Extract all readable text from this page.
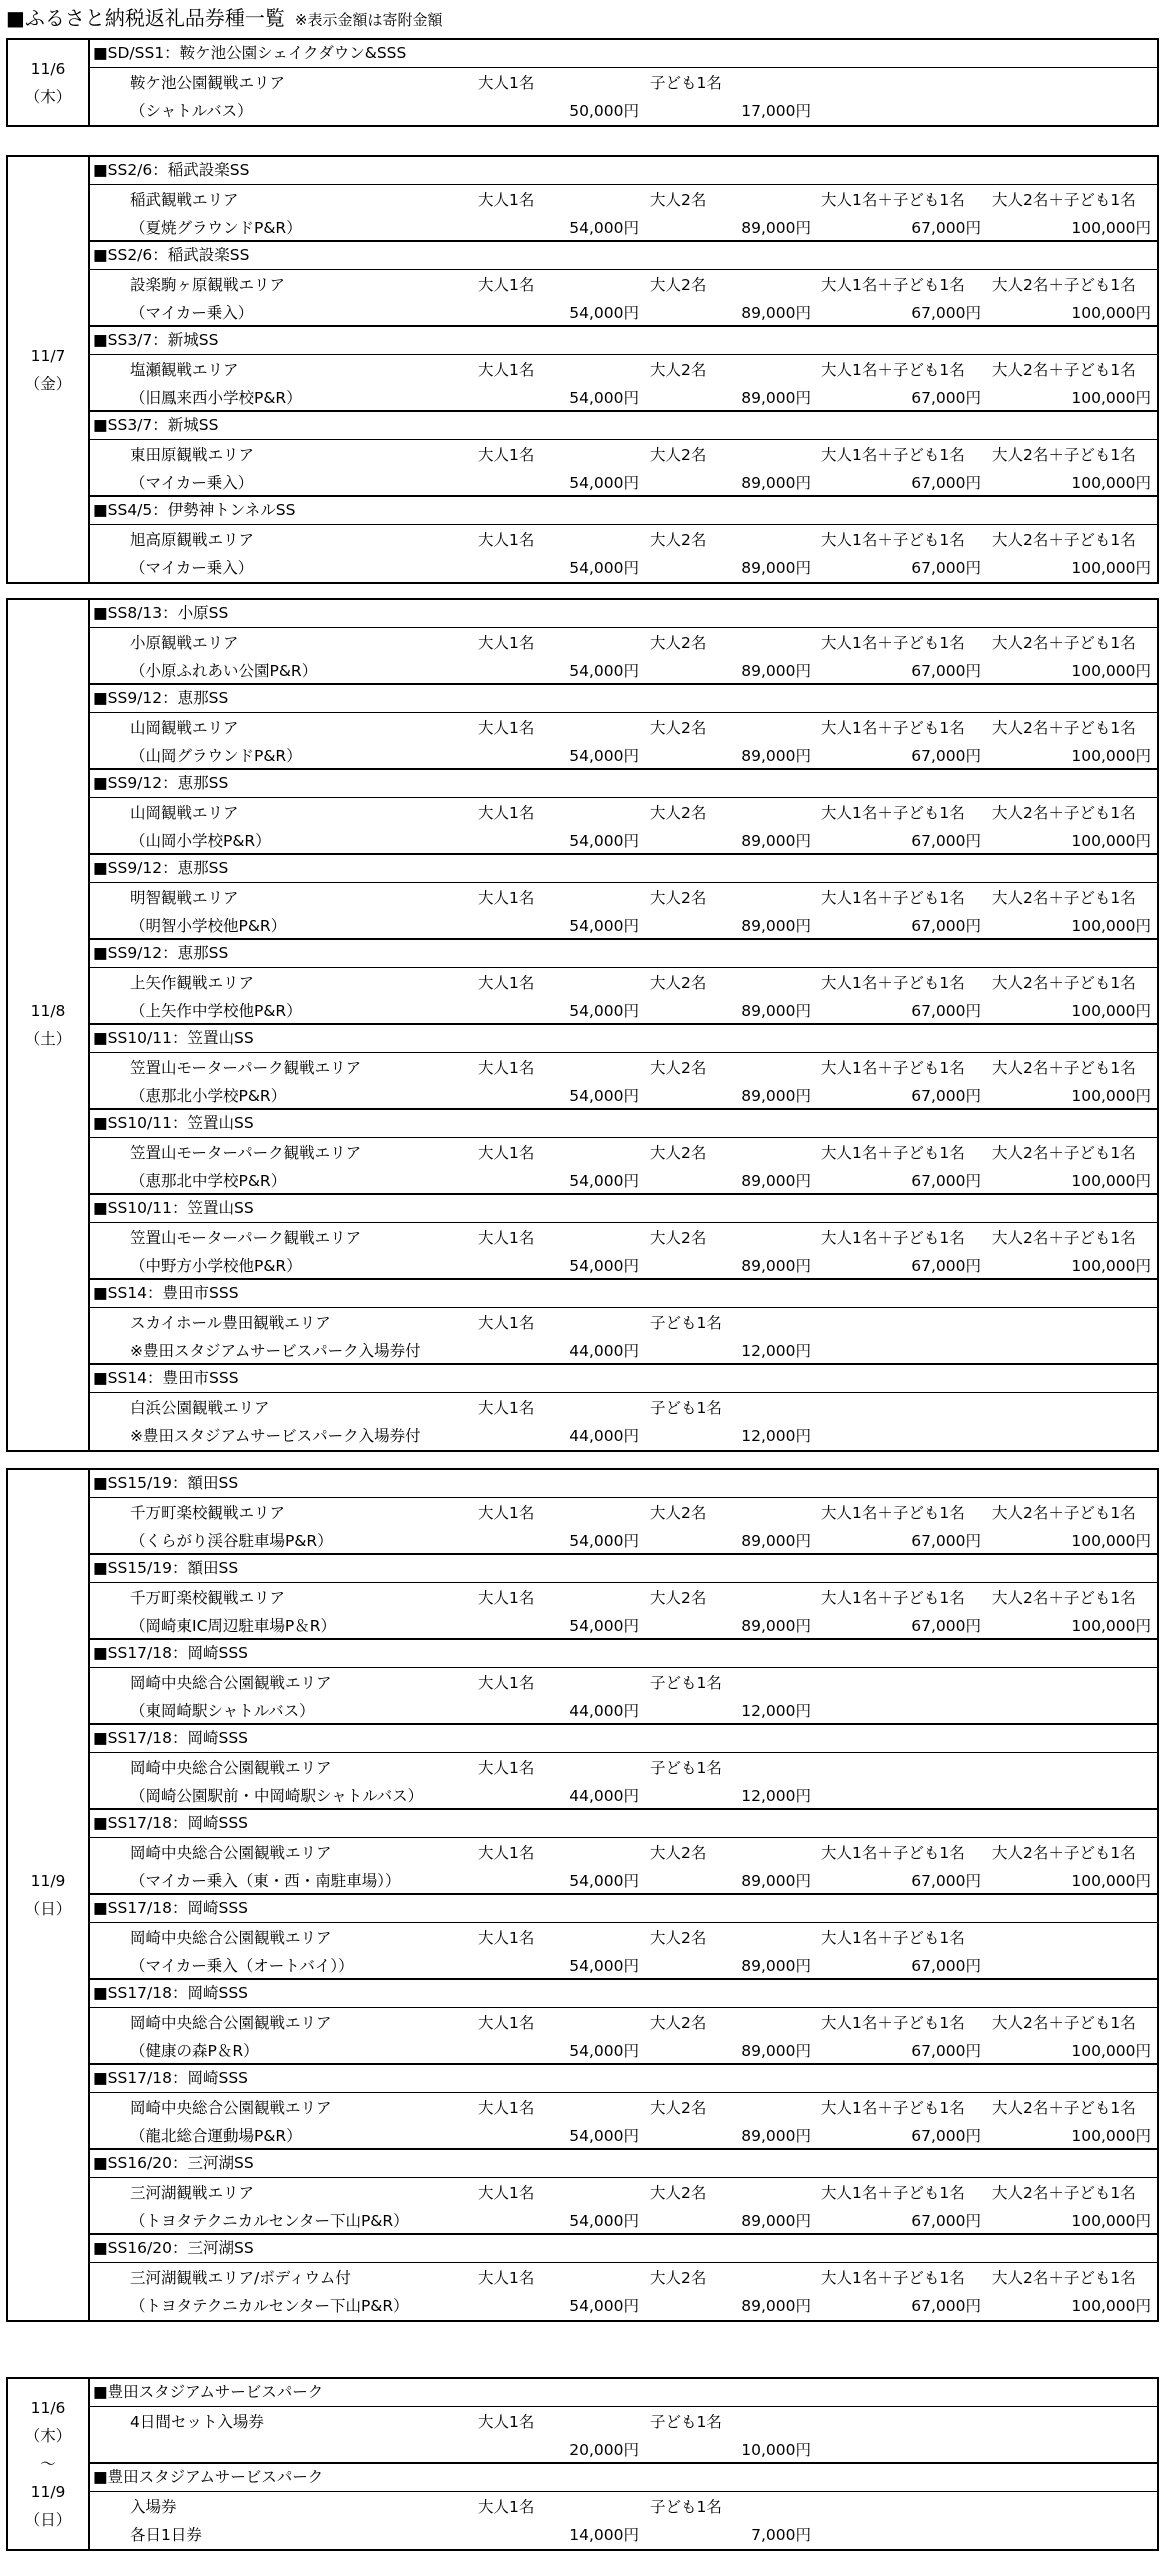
■ふるさと納税返礼品券種一覧 ※表示金額は寄附金額
11/6
（木）
■SD/SS1：鞍ケ池公園シェイクダウン&SSS
鞍ケ池公園観戦エリア	大人1名	子ども1名
（シャトルバス）	50,000円	17,000円
11/7
（金）
■SS2/6：稲武設楽SS
稲武観戦エリア	大人1名	大人2名	大人1名＋子ども1名 大人2名＋子ども1名
（夏焼グラウンドP&R）	54,000円	89,000円	67,000円	100,000円
■SS2/6：稲武設楽SS
設楽駒ヶ原観戦エリア	大人1名	大人2名	大人1名＋子ども1名 大人2名＋子ども1名
（マイカー乗入）	54,000円	89,000円	67,000円	100,000円
■SS3/7：新城SS
塩瀬観戦エリア	大人1名	大人2名	大人1名＋子ども1名 大人2名＋子ども1名
（旧鳳来西小学校P&R）	54,000円	89,000円	67,000円	100,000円
■SS3/7：新城SS
東田原観戦エリア	大人1名	大人2名	大人1名＋子ども1名 大人2名＋子ども1名
（マイカー乗入）	54,000円	89,000円	67,000円	100,000円
■SS4/5：伊勢神トンネルSS
旭高原観戦エリア	大人1名	大人2名	大人1名＋子ども1名 大人2名＋子ども1名
（マイカー乗入）	54,000円	89,000円	67,000円	100,000円
11/8
（土）
■SS8/13：小原SS
小原観戦エリア	大人1名	大人2名	大人1名＋子ども1名 大人2名＋子ども1名
（小原ふれあい公園P&R）	54,000円	89,000円	67,000円	100,000円
■SS9/12：恵那SS
山岡観戦エリア	大人1名	大人2名	大人1名＋子ども1名 大人2名＋子ども1名
（山岡グラウンドP&R）	54,000円	89,000円	67,000円	100,000円
■SS9/12：恵那SS
山岡観戦エリア	大人1名	大人2名	大人1名＋子ども1名 大人2名＋子ども1名
（山岡小学校P&R）	54,000円	89,000円	67,000円	100,000円
■SS9/12：恵那SS
明智観戦エリア	大人1名	大人2名	大人1名＋子ども1名 大人2名＋子ども1名
（明智小学校他P&R）	54,000円	89,000円	67,000円	100,000円
■SS9/12：恵那SS
上矢作観戦エリア	大人1名	大人2名	大人1名＋子ども1名 大人2名＋子ども1名
（上矢作中学校他P&R）	54,000円	89,000円	67,000円	100,000円
■SS10/11：笠置山SS
笠置山モーターパーク観戦エリア	大人1名	大人2名	大人1名＋子ども1名 大人2名＋子ども1名
（恵那北小学校P&R）	54,000円	89,000円	67,000円	100,000円
■SS10/11：笠置山SS
笠置山モーターパーク観戦エリア	大人1名	大人2名	大人1名＋子ども1名 大人2名＋子ども1名
（恵那北中学校P&R）	54,000円	89,000円	67,000円	100,000円
■SS10/11：笠置山SS
笠置山モーターパーク観戦エリア	大人1名	大人2名	大人1名＋子ども1名 大人2名＋子ども1名
（中野方小学校他P&R）	54,000円	89,000円	67,000円	100,000円
■SS14：豊田市SSS
スカイホール豊田観戦エリア	大人1名	子ども1名
※豊田スタジアムサービスパーク入場券付	44,000円	12,000円
■SS14：豊田市SSS
白浜公園観戦エリア	大人1名	子ども1名
※豊田スタジアムサービスパーク入場券付	44,000円	12,000円
11/9
（日）
■SS15/19：額田SS
千万町楽校観戦エリア	大人1名	大人2名	大人1名＋子ども1名 大人2名＋子ども1名
（くらがり渓谷駐車場P&R）	54,000円	89,000円	67,000円	100,000円
■SS15/19：額田SS
千万町楽校観戦エリア	大人1名	大人2名	大人1名＋子ども1名 大人2名＋子ども1名
（岡崎東IC周辺駐車場P＆R）	54,000円	89,000円	67,000円	100,000円
■SS17/18：岡崎SSS
岡崎中央総合公園観戦エリア	大人1名	子ども1名
（東岡崎駅シャトルバス）	44,000円	12,000円
■SS17/18：岡崎SSS
岡崎中央総合公園観戦エリア	大人1名	子ども1名
（岡崎公園駅前・中岡崎駅シャトルバス）	44,000円	12,000円
■SS17/18：岡崎SSS
岡崎中央総合公園観戦エリア	大人1名	大人2名	大人1名＋子ども1名 大人2名＋子ども1名
（マイカー乗入（東・西・南駐車場））	54,000円	89,000円	67,000円	100,000円
■SS17/18：岡崎SSS
岡崎中央総合公園観戦エリア	大人1名	大人2名	大人1名＋子ども1名
（マイカー乗入（オートバイ））	54,000円	89,000円	67,000円
■SS17/18：岡崎SSS
岡崎中央総合公園観戦エリア	大人1名	大人2名	大人1名＋子ども1名 大人2名＋子ども1名
（健康の森P＆R）	54,000円	89,000円	67,000円	100,000円
■SS17/18：岡崎SSS
岡崎中央総合公園観戦エリア	大人1名	大人2名	大人1名＋子ども1名 大人2名＋子ども1名
（龍北総合運動場P&R）	54,000円	89,000円	67,000円	100,000円
■SS16/20：三河湖SS
三河湖観戦エリア	大人1名	大人2名	大人1名＋子ども1名 大人2名＋子ども1名
（トヨタテクニカルセンター下山P&R）	54,000円	89,000円	67,000円	100,000円
■SS16/20：三河湖SS
三河湖観戦エリア/ボディウム付	大人1名	大人2名	大人1名＋子ども1名 大人2名＋子ども1名
（トヨタテクニカルセンター下山P&R）	54,000円	89,000円	67,000円	100,000円
11/6
（木）
～
11/9
（日）
■豊田スタジアムサービスパーク
4日間セット入場券	大人1名	子ども1名
20,000円	10,000円
■豊田スタジアムサービスパーク
入場券	大人1名	子ども1名
各日1日券	14,000円	7,000円
